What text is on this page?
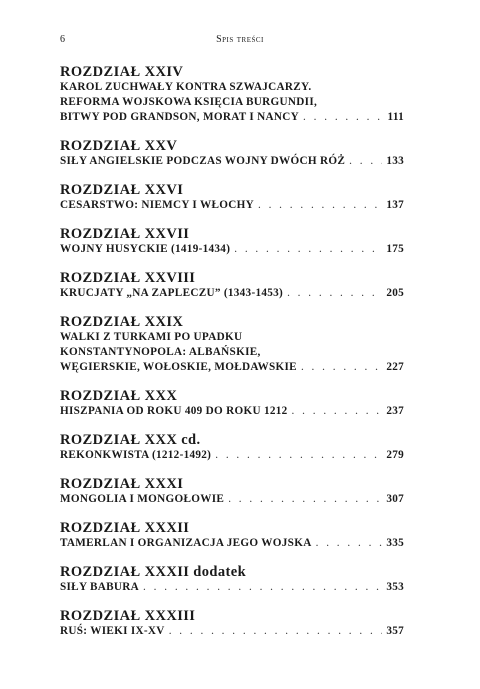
6	Spis treści
ROZDZIAŁ XXIV
KAROL ZUCHWAŁY KONTRA SZWAJCARZY.
REFORMA WOJSKOWA KSIĘCIA BURGUNDII,
BITWY POD GRANDSON, MORAT I NANCY . . .	111
ROZDZIAŁ XXV
SIŁY ANGIELSKIE PODCZAS WOJNY DWÓCH RÓŻ . . .	133
ROZDZIAŁ XXVI
CESARSTWO: NIEMCY I WŁOCHY . . .	137
ROZDZIAŁ XXVII
WOJNY HUSYCKIE (1419-1434) . . .	175
ROZDZIAŁ XXVIII
KRUCJATY „NA ZAPLECZU” (1343-1453) . . .	205
ROZDZIAŁ XXIX
WALKI Z TURKAMI PO UPADKU
KONSTANTYNOPOLA: ALBAŃSKIE,
WĘGIERSKIE, WOŁOSKIE, MOŁDAWSKIE . . .	227
ROZDZIAŁ XXX
HISZPANIA OD ROKU 409 DO ROKU 1212 . . .	237
ROZDZIAŁ XXX cd.
REKONKWISTA (1212-1492) . . .	279
ROZDZIAŁ XXXI
MONGOLIA I MONGOŁOWIE . . .	307
ROZDZIAŁ XXXII
TAMERLAN I ORGANIZACJA JEGO WOJSKA . . .	335
ROZDZIAŁ XXXII dodatek
SIŁY BABURA . . .	353
ROZDZIAŁ XXXIII
RUŚ: WIEKI IX-XV . . .	357
